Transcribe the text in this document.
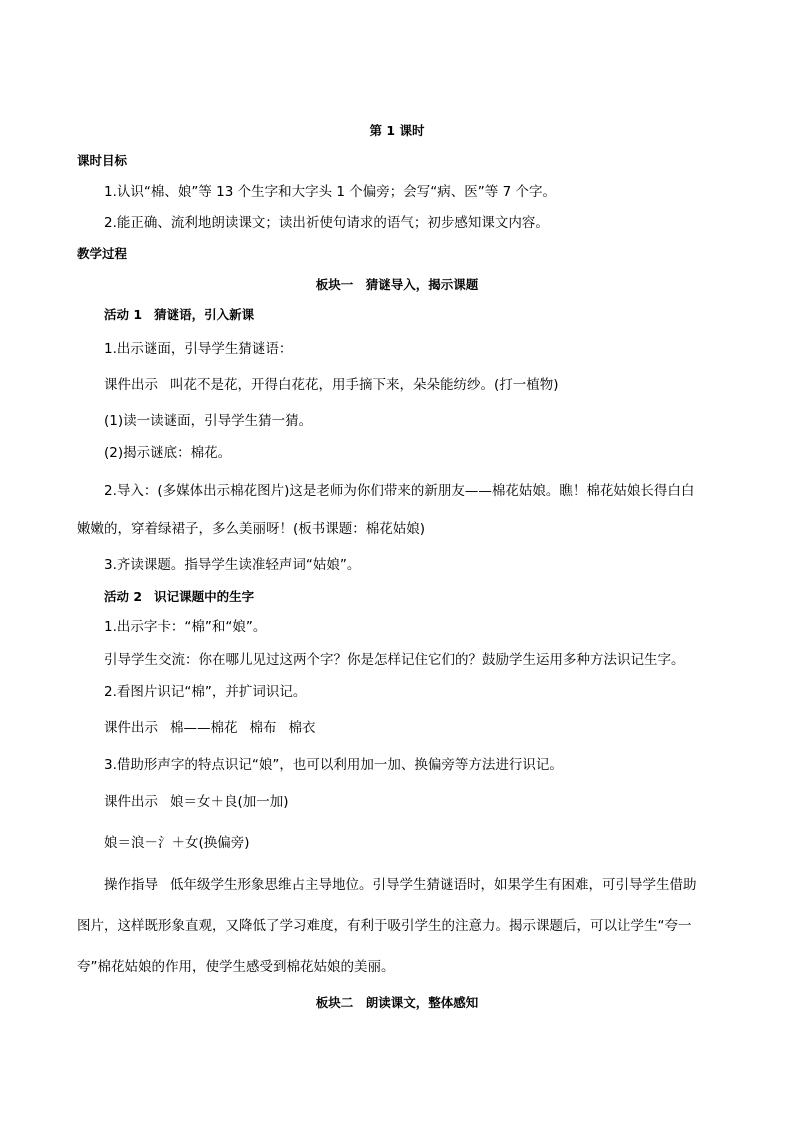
第 1 课时
课时目标
1.认识“棉、娘”等 13 个生字和大字头 1 个偏旁；会写“病、医”等 7 个字。
2.能正确、流利地朗读课文；读出祈使句请求的语气；初步感知课文内容。
教学过程
板块一　猜谜导入，揭示课题
活动 1 猜谜语，引入新课
1.出示谜面，引导学生猜谜语：
课件出示 叫花不是花，开得白花花，用手摘下来，朵朵能纺纱。(打一植物)
(1)读一读谜面，引导学生猜一猜。
(2)揭示谜底：棉花。
2.导入：(多媒体出示棉花图片)这是老师为你们带来的新朋友——棉花姑娘。瞧！棉花姑娘长得白白
嫩嫩的，穿着绿裙子，多么美丽呀！(板书课题：棉花姑娘)
3.齐读课题。指导学生读准轻声词“姑娘”。
活动 2 识记课题中的生字
1.出示字卡：“棉”和“娘”。
引导学生交流：你在哪儿见过这两个字？你是怎样记住它们的？鼓励学生运用多种方法识记生字。
2.看图片识记“棉”，并扩词识记。
课件出示 棉——棉花 棉布 棉衣
3.借助形声字的特点识记“娘”，也可以利用加一加、换偏旁等方法进行识记。
课件出示 娘＝女＋良(加一加)
娘＝浪－氵＋女(换偏旁)
操作指导 低年级学生形象思维占主导地位。引导学生猜谜语时，如果学生有困难，可引导学生借助
图片，这样既形象直观，又降低了学习难度，有利于吸引学生的注意力。揭示课题后，可以让学生“夸一
夸”棉花姑娘的作用，使学生感受到棉花姑娘的美丽。
板块二　朗读课文，整体感知
